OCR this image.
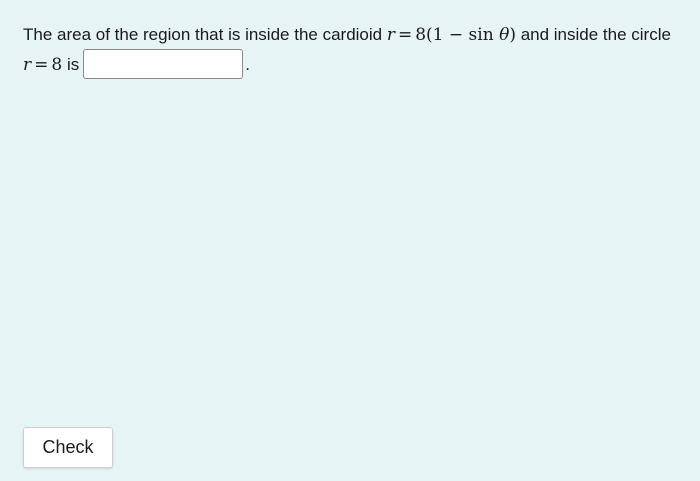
The area of the region that is inside the cardioid r = 8(1 − sin θ) and inside the circle r = 8 is	.
Check
